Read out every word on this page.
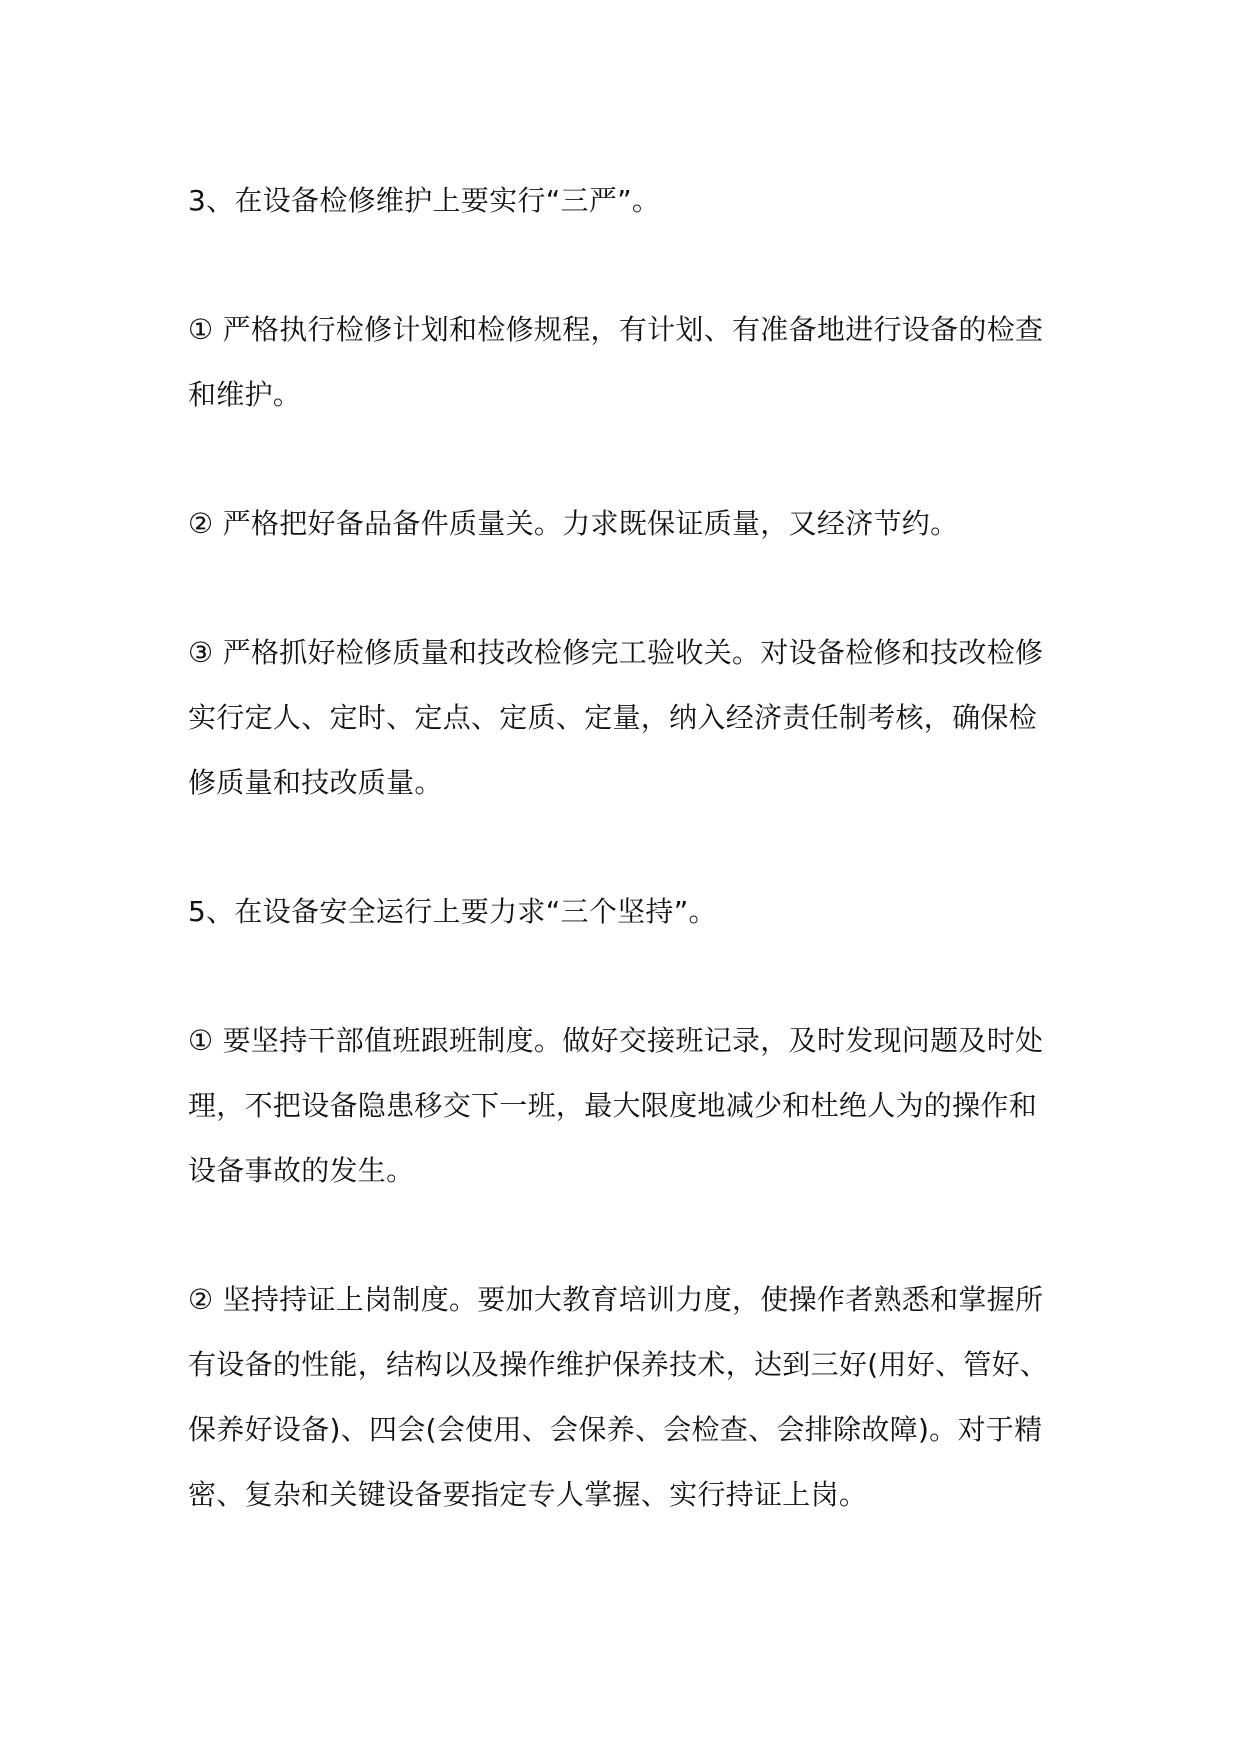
3、在设备检修维护上要实行“三严”。

① 严格执行检修计划和检修规程，有计划、有准备地进行设备的检查和维护。

② 严格把好备品备件质量关。力求既保证质量，又经济节约。

③ 严格抓好检修质量和技改检修完工验收关。对设备检修和技改检修实行定人、定时、定点、定质、定量，纳入经济责任制考核，确保检修质量和技改质量。

5、在设备安全运行上要力求“三个坚持”。

① 要坚持干部值班跟班制度。做好交接班记录，及时发现问题及时处理，不把设备隐患移交下一班，最大限度地减少和杜绝人为的操作和设备事故的发生。

② 坚持持证上岗制度。要加大教育培训力度，使操作者熟悉和掌握所有设备的性能，结构以及操作维护保养技术，达到三好(用好、管好、保养好设备)、四会(会使用、会保养、会检查、会排除故障)。对于精密、复杂和关键设备要指定专人掌握、实行持证上岗。
